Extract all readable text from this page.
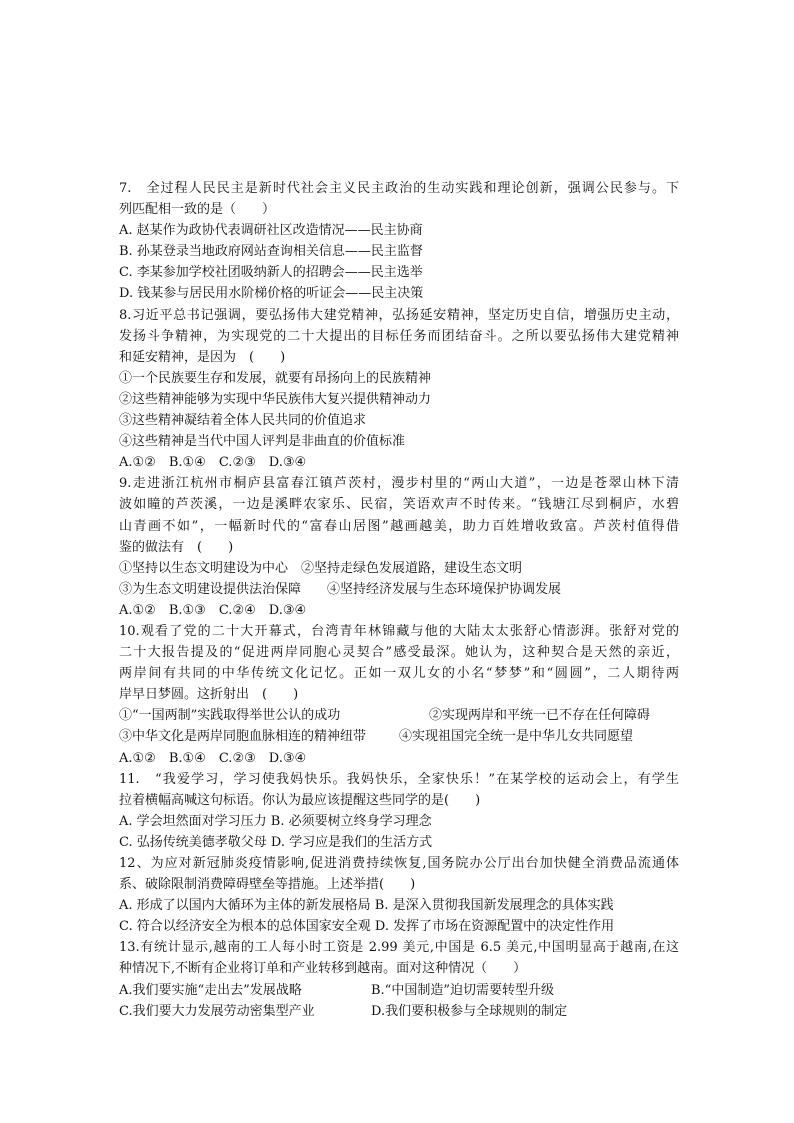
7.　全过程人民民主是新时代社会主义民主政治的生动实践和理论创新，强调公民参与。下
列匹配相一致的是（　　）
A. 赵某作为政协代表调研社区改造情况——民主协商
B. 孙某登录当地政府网站查询相关信息——民主监督
C. 李某参加学校社团吸纳新人的招聘会——民主选举
D. 钱某参与居民用水阶梯价格的听证会——民主决策
8.习近平总书记强调，要弘扬伟大建党精神，弘扬延安精神，坚定历史自信，增强历史主动，
发扬斗争精神，为实现党的二十大提出的目标任务而团结奋斗。之所以要弘扬伟大建党精神
和延安精神，是因为　(　　)
①一个民族要生存和发展，就要有昂扬向上的民族精神
②这些精神能够为实现中华民族伟大复兴提供精神动力
③这些精神凝结着全体人民共同的价值追求
④这些精神是当代中国人评判是非曲直的价值标准
A.①②　B.①④　C.②③　D.③④
9.走进浙江杭州市桐庐县富春江镇芦茨村，漫步村里的“两山大道”，一边是苍翠山林下清
波如瞳的芦茨溪，一边是溪畔农家乐、民宿，笑语欢声不时传来。“钱塘江尽到桐庐，水碧
山青画不如”，一幅新时代的“富春山居图”越画越美，助力百姓增收致富。芦茨村值得借
鉴的做法有　(　　)
①坚持以生态文明建设为中心　②坚持走绿色发展道路，建设生态文明
③为生态文明建设提供法治保障　　④坚持经济发展与生态环境保护协调发展
A.①②　B.①③　C.②④　D.③④
10.观看了党的二十大开幕式，台湾青年林锦藏与他的大陆太太张舒心情澎湃。张舒对党的
二十大报告提及的“促进两岸同胞心灵契合”感受最深。她认为，这种契合是天然的亲近，
两岸间有共同的中华传统文化记忆。正如一双儿女的小名“梦梦”和“圆圆”，二人期待两
岸早日梦圆。这折射出　(　　)
①“一国两制”实践取得举世公认的成功	②实现两岸和平统一已不存在任何障碍
③中华文化是两岸同胞血脉相连的精神纽带	④实现祖国完全统一是中华儿女共同愿望
A.①②　B.①④　C.②③　D.③④
11.　“我爱学习，学习使我妈快乐。我妈快乐，全家快乐！”在某学校的运动会上，有学生
拉着横幅高喊这句标语。你认为最应该提醒这些同学的是(　　)
A. 学会坦然面对学习压力 B. 必须要树立终身学习理念
C. 弘扬传统美德孝敬父母 D. 学习应是我们的生活方式
12、为应对新冠肺炎疫情影响,促进消费持续恢复,国务院办公厅出台加快健全消费品流通体
系、破除限制消费障碍壁垒等措施。上述举措(　　)
A. 形成了以国内大循环为主体的新发展格局 B. 是深入贯彻我国新发展理念的具体实践
C. 符合以经济安全为根本的总体国家安全观 D. 发挥了市场在资源配置中的决定性作用
13.有统计显示,越南的工人每小时工资是 2.99 美元,中国是 6.5 美元,中国明显高于越南,在这
种情况下,不断有企业将订单和产业转移到越南。面对这种情况（　　）
A.我们要实施“走出去”发展战略	B.“中国制造”迫切需要转型升级
C.我们要大力发展劳动密集型产业	D.我们要积极参与全球规则的制定
